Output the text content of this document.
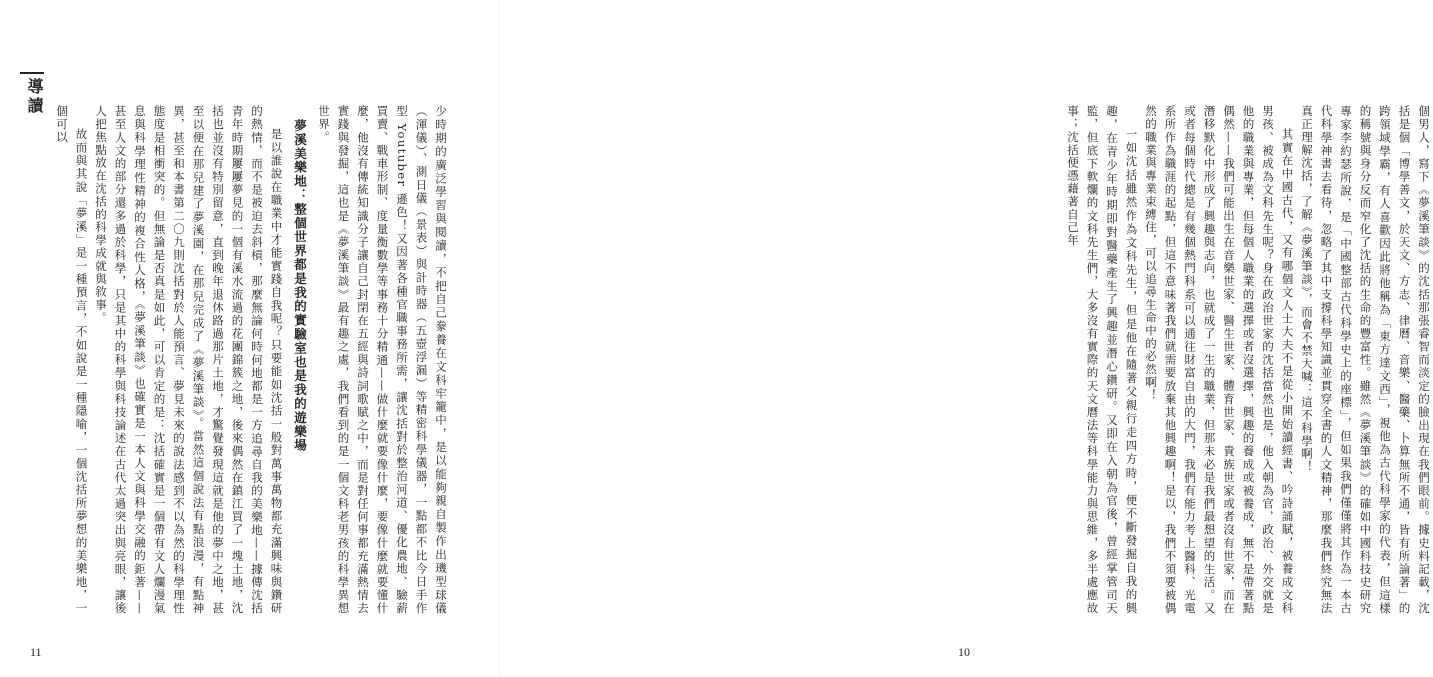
導讀

少時期的廣泛學習與閱讀，不把自己豢養在文科牢籠中，是以能夠親自製作出璣型球儀（渾儀）、測日儀（景表）與計時器（五壺浮漏）等精密科學儀器，一點都不比今日手作型 Youtuber 遜色！又因著各種官職事務所需，讓沈括對於整治河道、優化農地、驗薪買賣、戰車形制、度量衡數學等事務十分精通——做什麼就要像什麼，要像什麼就要懂什麼，他沒有傳統知識分子讓自己封閉在五經與詩詞歌賦之中，而是對任何事都充滿熱情去實踐與發掘，這也是《夢溪筆談》最有趣之處，我們看到的是一個文科老男孩的科學異想世界。

夢溪美樂地：整個世界都是我的實驗室也是我的遊樂場

是以誰說在職業中才能實踐自我呢？只要能如沈括一般對萬事萬物都充滿興味與鑽研的熱情，而不是被迫去斜槓，那麼無論何時何地都是一方追尋自我的美樂地——據傳沈括青年時期屢屢夢見的一個有溪水流過的花團錦簇之地，後來偶然在鎮江買了一塊土地，沈括也並沒有特別留意，直到晚年退休路過那片土地，才驚覺發現這就是他的夢中之地，甚至以便在那兒建了夢溪園，在那兒完成了《夢溪筆談》。當然這個說法有點浪漫，有點神異，甚至和本書第二〇九則沈括對於人能預言、夢見未來的說法感到不以為然的科學理性態度是相衝突的。但無論是否真是如此，可以肯定的是：沈括確實是一個帶有文人爛漫氣息與科學理性精神的複合性人格，《夢溪筆談》也確實是一本人文與科學交融的鉅著——甚至人文的部分還多過於科學，只是其中的科學與科技論述在古代太過突出與亮眼，讓後人把焦點放在沈括的科學成就與敘事。

故而與其說「夢溪」是一種預言，不如說是一種隱喻，一個沈括所夢想的美樂地，一個可以

11

個男人，寫下《夢溪筆談》的沈括那張睿智而淡定的臉出現在我們眼前。據史料記載，沈括是個「博學善文，於天文、方志、律曆、音樂、醫藥、卜算無所不通，皆有所論著」的跨領域學霸，有人喜歡因此將他稱為「東方達文西」，視他為古代科學家的代表，但這樣的稱號與身分反而窄化了沈括的生命的豐富性。雖然《夢溪筆談》的確如中國科技史研究專家李約瑟所說，是「中國整部古代科學史上的座標」，但如果我們僅僅將其作為一本古代科學神書去看待，忽略了其中支撐科學知識並貫穿全書的人文精神，那麼我們終究無法真正理解沈括，了解《夢溪筆談》，而會不禁大喊：這不科學啊！

其實在中國古代，又有哪個文人士大夫不是從小開始讀經書、吟詩誦賦，被養成文科男孩、被成為文科先生呢？身在政治世家的沈括當然也是，他入朝為官，政治、外交就是他的職業與專業，但每個人職業的選擇或者沒選擇，興趣的養成或被養成，無不是帶著點偶然——我們可能出生在音樂世家、醫生世家、體育世家、貴族世家或者沒有世家，而在潛移默化中形成了興趣與志向，也就成了一生的職業，但那未必是我們最想望的生活。又或者每個時代總是有幾個熱門科系可以通往財富自由的大門，我們有能力考上醫科、光電系所作為職涯的起點，但這不意味著我們就需要放棄其他興趣啊！是以，我們不須要被偶然的職業與專業束縛住，可以追尋生命中的必然啊！

一如沈括雖然作為文科先生，但是他在隨著父親行走四方時，便不斷發掘自我的興趣，在青少年時期即對醫藥產生了興趣並潛心鑽研。又即在入朝為官後，曾經掌管司天監，但底下軟爛的文科先生們，大多沒有實際的天文曆法等科學能力與思維，多半處應故事；沈括便憑藉著自己年

10
